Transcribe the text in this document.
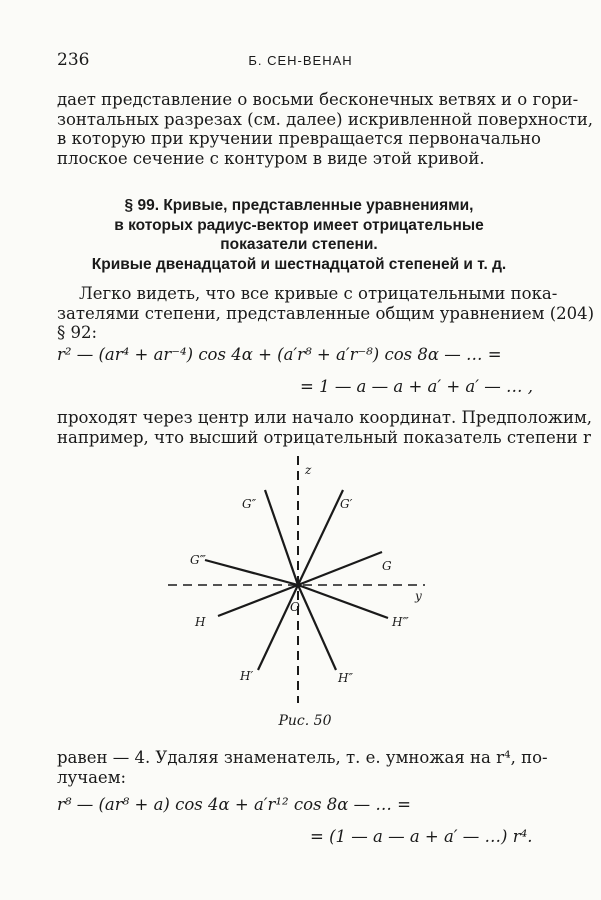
236	Б. СЕН-ВЕНАН
дает представление о восьми бесконечных ветвях и о гори-
зонтальных разрезах (см. далее) искривленной поверхности,
в которую при кручении превращается первоначально
плоское сечение с контуром в виде этой кривой.
§ 99. Кривые, представленные уравнениями,
в которых радиус-вектор имеет отрицательные
показатели степени.
Кривые двенадцатой и шестнадцатой степеней и т. д.
Легко видеть, что все кривые с отрицательными пока-
зателями степени, представленные общим уравнением (204)
§ 92:
r² — (ar⁴ + ar⁻⁴) cos 4α + (a′r⁸ + a′r⁻⁸) cos 8α — … =
= 1 — a — a + a′ + a′ — … ,
проходят через центр или начало координат. Предположим,
например, что высший отрицательный показатель степени r
z
G′
G″
G
G‴
y
O
H	H‴
H′	H″
Рис. 50
равен — 4. Удаляя знаменатель, т. е. умножая на r⁴, по-
лучаем:
r⁸ — (ar⁸ + a) cos 4α + a′r¹² cos 8α — … =
= (1 — a — a + a′ — …) r⁴.
